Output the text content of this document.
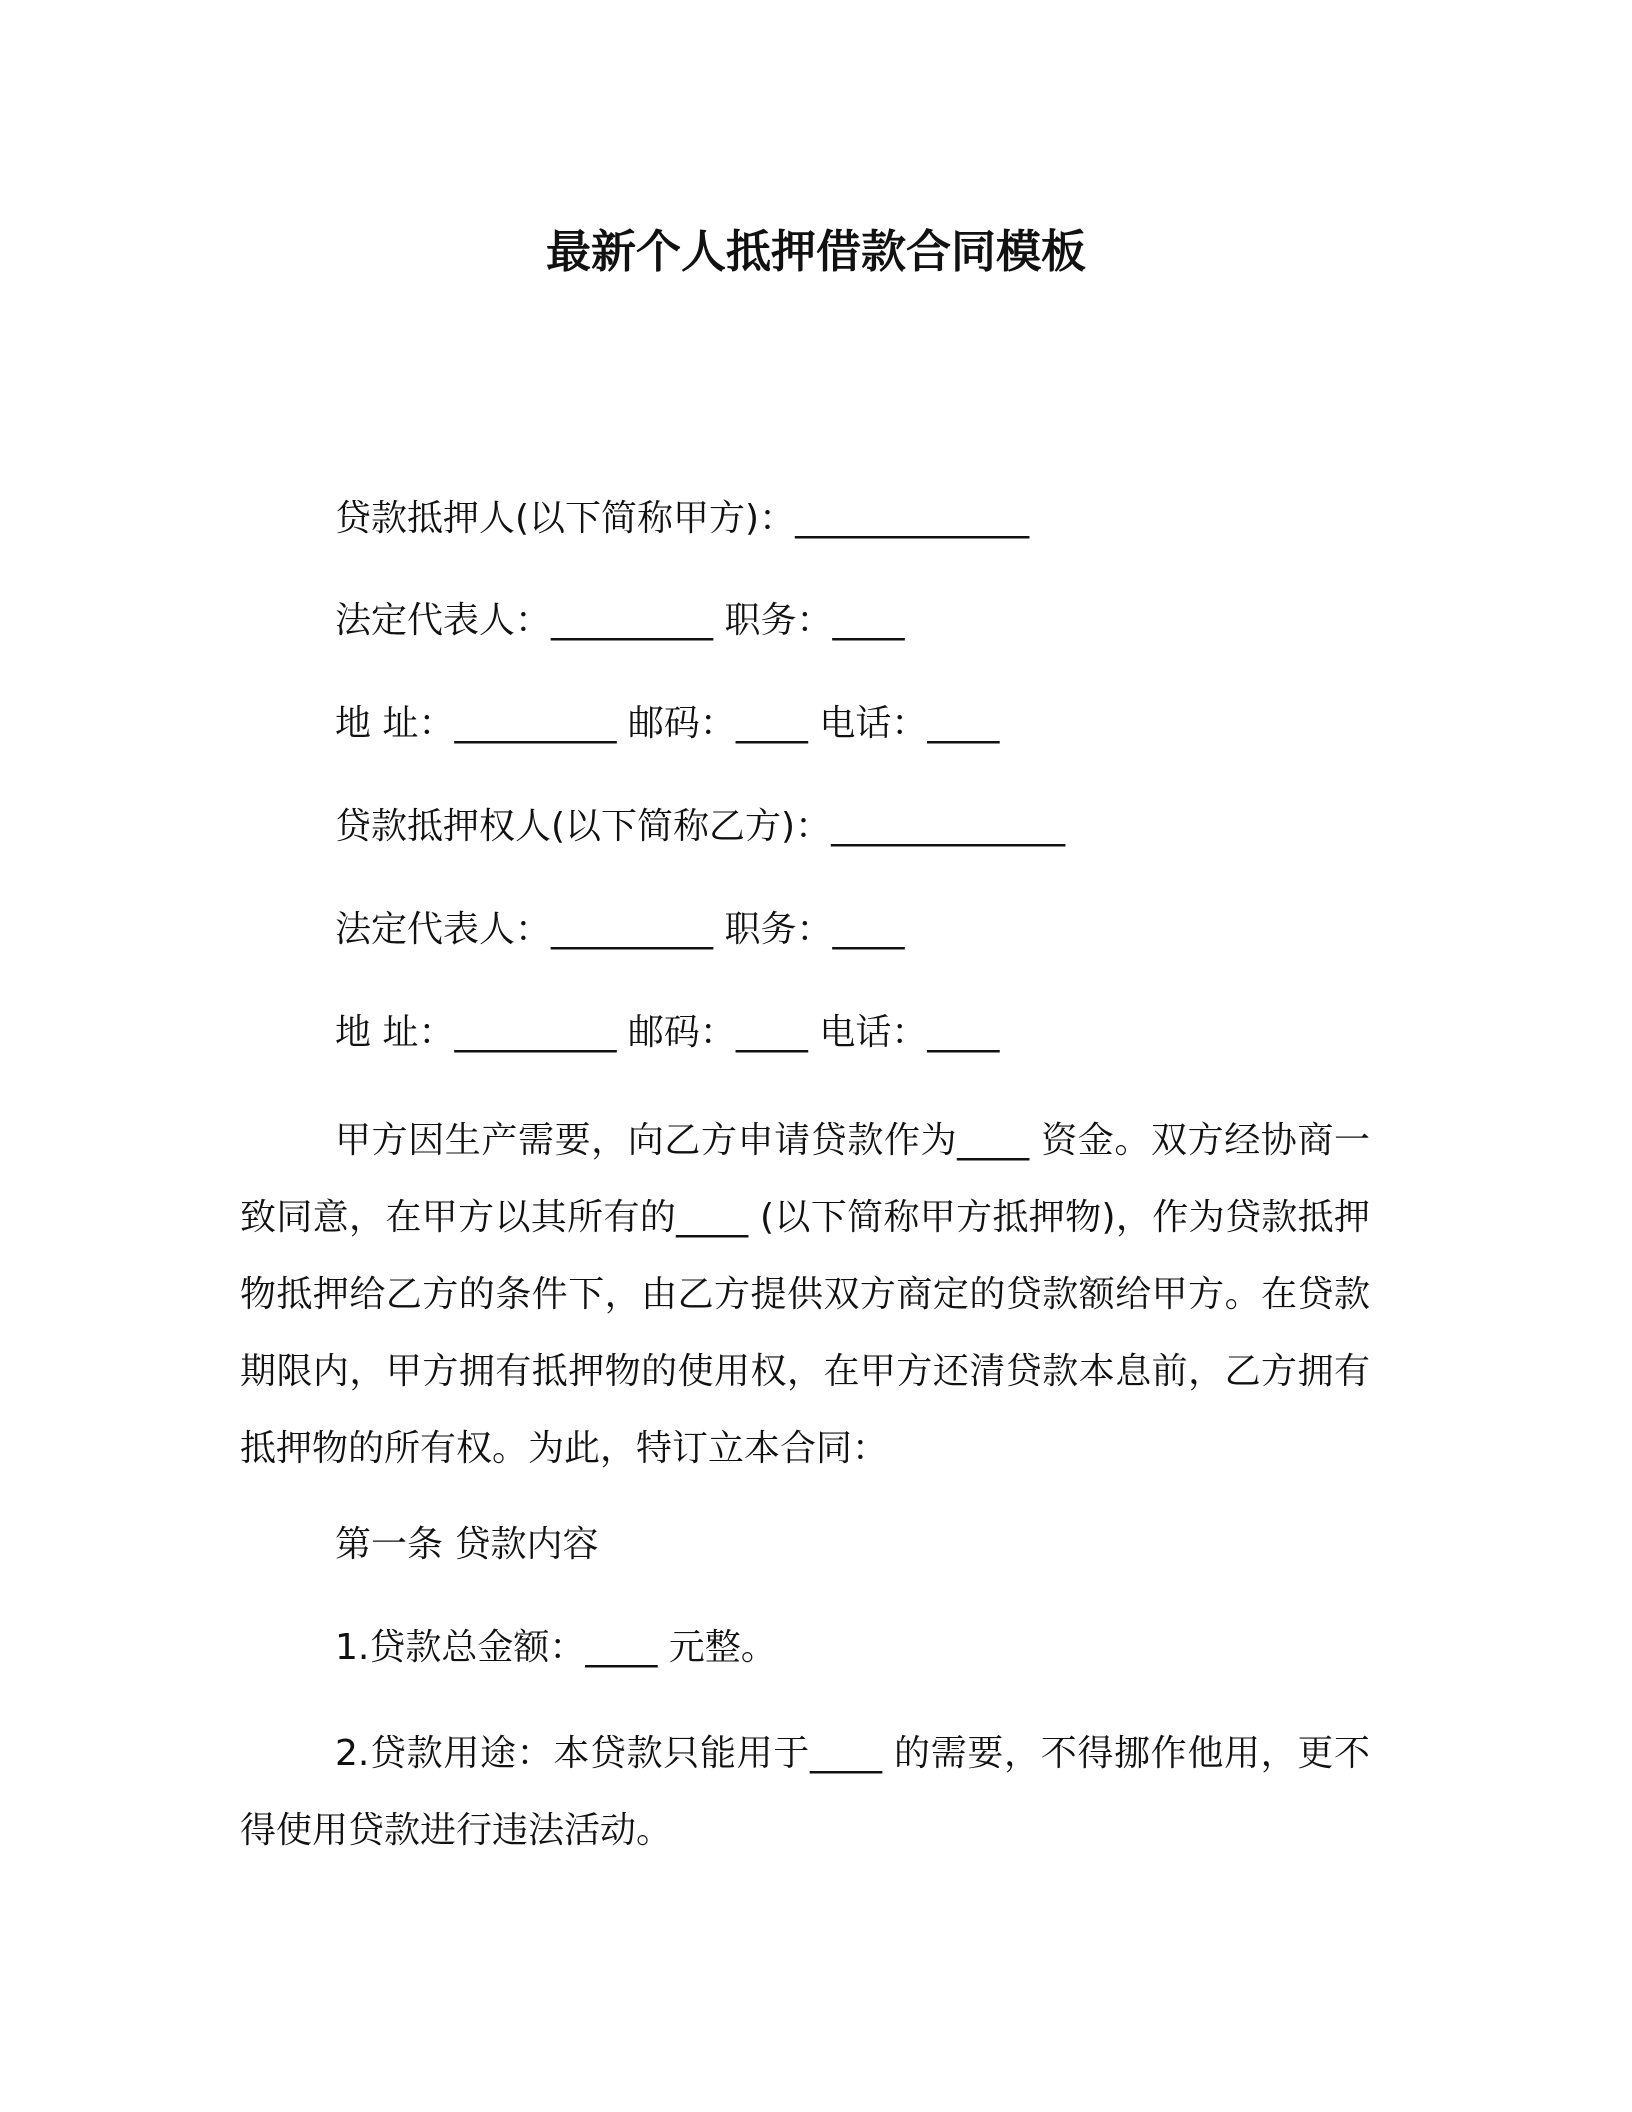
最新个人抵押借款合同模板
贷款抵押人(以下简称甲方)：_____________
法定代表人：_________ 职务：____
地 址：_________ 邮码：____ 电话：____
贷款抵押权人(以下简称乙方)：_____________
法定代表人：_________ 职务：____
地 址：_________ 邮码：____ 电话：____

甲方因生产需要，向乙方申请贷款作为____ 资金。双方经协商一致同意，在甲方以其所有的____ (以下简称甲方抵押物)，作为贷款抵押物抵押给乙方的条件下，由乙方提供双方商定的贷款额给甲方。在贷款期限内，甲方拥有抵押物的使用权，在甲方还清贷款本息前，乙方拥有抵押物的所有权。为此，特订立本合同：

第一条 贷款内容
1.贷款总金额：____ 元整。

2.贷款用途：本贷款只能用于____ 的需要，不得挪作他用，更不得使用贷款进行违法活动。
